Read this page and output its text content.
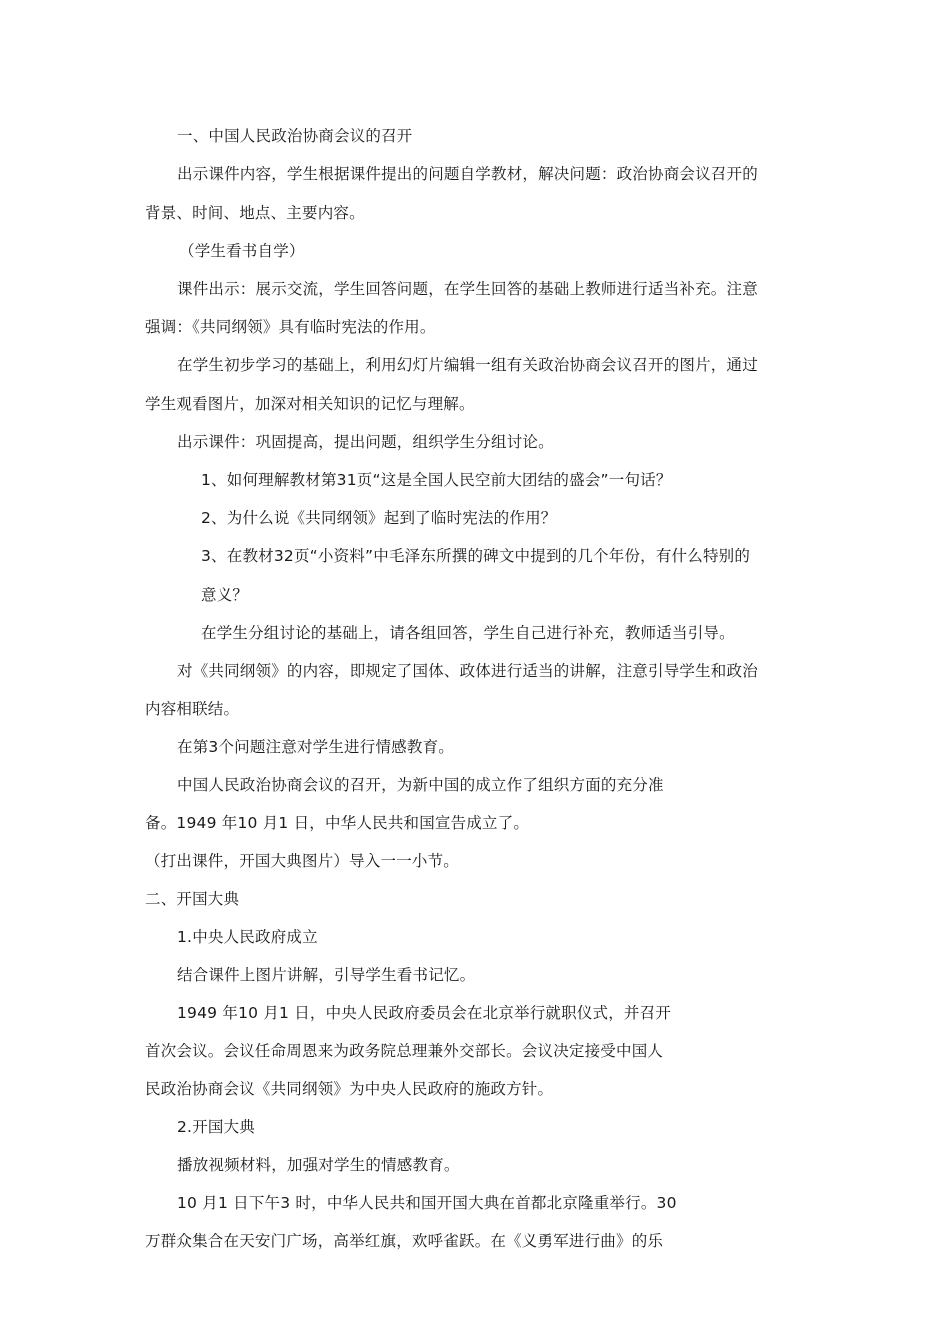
一、中国人民政治协商会议的召开
出示课件内容，学生根据课件提出的问题自学教材，解决问题：政治协商会议召开的
背景、时间、地点、主要内容。
（学生看书自学）
课件出示：展示交流，学生回答问题，在学生回答的基础上教师进行适当补充。注意
强调：《共同纲领》具有临时宪法的作用。
在学生初步学习的基础上，利用幻灯片编辑一组有关政治协商会议召开的图片，通过
学生观看图片，加深对相关知识的记忆与理解。
出示课件：巩固提高，提出问题，组织学生分组讨论。
1、如何理解教材第31页“这是全国人民空前大团结的盛会”一句话？
2、为什么说《共同纲领》起到了临时宪法的作用？
3、在教材32页“小资料”中毛泽东所撰的碑文中提到的几个年份，有什么特别的
意义？
在学生分组讨论的基础上，请各组回答，学生自己进行补充，教师适当引导。
对《共同纲领》的内容，即规定了国体、政体进行适当的讲解，注意引导学生和政治
内容相联结。
在第3个问题注意对学生进行情感教育。
中国人民政治协商会议的召开，为新中国的成立作了组织方面的充分准
备。1949 年10 月1 日，中华人民共和国宣告成立了。
（打出课件，开国大典图片）导入一一小节。
二、开国大典
1.中央人民政府成立
结合课件上图片讲解，引导学生看书记忆。
1949 年10 月1 日，中央人民政府委员会在北京举行就职仪式，并召开
首次会议。会议任命周恩来为政务院总理兼外交部长。会议决定接受中国人
民政治协商会议《共同纲领》为中央人民政府的施政方针。
2.开国大典
播放视频材料，加强对学生的情感教育。
10 月1 日下午3 时，中华人民共和国开国大典在首都北京隆重举行。30
万群众集合在天安门广场，高举红旗，欢呼雀跃。在《义勇军进行曲》的乐
